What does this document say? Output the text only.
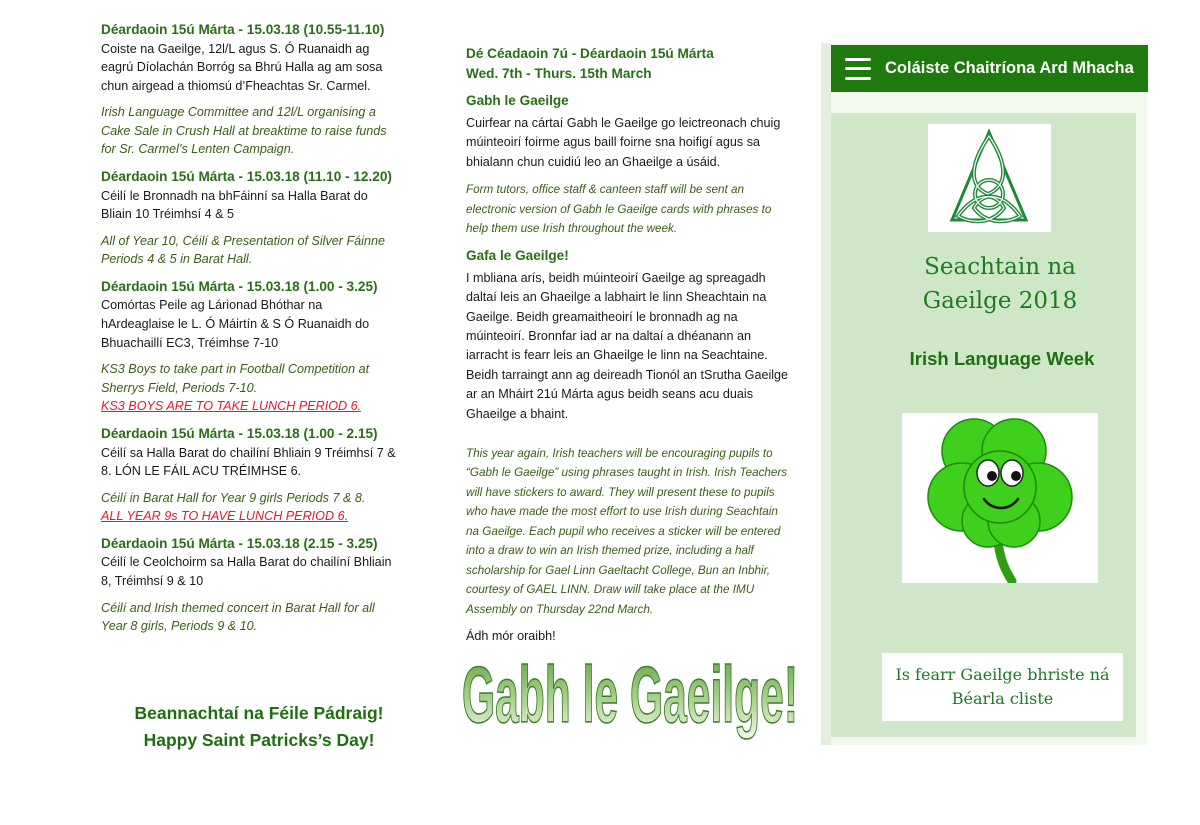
Déardaoin 15ú Márta - 15.03.18 (10.55-11.10)

Coiste na Gaeilge, 12l/L agus S. Ó Ruanaidh ag eagrú Díolachán Borróg sa Bhrú Halla ag am sosa chun airgead a thiomsú d’Fheachtas Sr. Carmel.

Irish Language Committee and 12l/L organising a Cake Sale in Crush Hall at breaktime to raise funds for Sr. Carmel’s Lenten Campaign.

Déardaoin 15ú Márta - 15.03.18 (11.10 - 12.20)

Céilí le Bronnadh na bhFáinní sa Halla Barat do Bliain 10 Tréimhsí 4 & 5

All of Year 10, Céilí & Presentation of Silver Fáinne Periods 4 & 5 in Barat Hall.

Déardaoin 15ú Márta - 15.03.18 (1.00 - 3.25)

Comórtas Peile ag Lárionad Bhóthar na hArdeaglaise le L. Ó Máirtín & S Ó Ruanaidh do Bhuachaillí EC3, Tréimhse 7-10

KS3 Boys to take part in Football Competition at Sherrys Field, Periods 7-10.

KS3 BOYS ARE TO TAKE LUNCH PERIOD 6.

Déardaoin 15ú Márta - 15.03.18 (1.00 - 2.15)

Céilí sa Halla Barat do chailíní Bhliain 9 Tréimhsí 7 & 8. LÓN LE FÁIL ACU TRÉIMHSE 6.

Céilí in Barat Hall for Year 9 girls Periods 7 & 8.

ALL YEAR 9s TO HAVE LUNCH PERIOD 6.

Déardaoin 15ú Márta - 15.03.18 (2.15 - 3.25)

Céilí le Ceolchoirm sa Halla Barat do chailíní Bhliain 8, Tréimhsí 9 & 10

Céilí and Irish themed concert in Barat Hall for all Year 8 girls, Periods 9 & 10.

Beannachtaí na Féile Pádraig!
Happy Saint Patricks’s Day!

Dé Céadaoin 7ú - Déardaoin 15ú Márta

Wed. 7th - Thurs. 15th March

Gabh le Gaeilge

Cuirfear na cártaí Gabh le Gaeilge go leictreonach chuig múinteoirí foirme agus baill foirne sna hoifigí agus sa bhialann chun cuidiú leo an Ghaeilge a úsáid.

Form tutors, office staff & canteen staff will be sent an electronic version of Gabh le Gaeilge cards with phrases to help them use Irish throughout the week.

Gafa le Gaeilge!

I mbliana arís, beidh múinteoirí Gaeilge ag spreagadh daltaí leis an Ghaeilge a labhairt le linn Sheachtain na Gaeilge. Beidh greamaitheoirí le bronnadh ag na

múinteoirí. Bronnfar iad ar na daltaí a dhéanann an iarracht is fearr leis an Ghaeilge le linn na Seachtaine. Beidh tarraingt ann ag deireadh Tionól an tSrutha Gaeilge ar an Mháirt 21ú Márta agus beidh seans acu duais Ghaeilge a bhaint.

This year again, Irish teachers will be encouraging pupils to “Gabh le Gaeilge” using phrases taught in Irish. Irish Teachers will have stickers to award. They will present these to pupils who have made the most effort to use Irish during Seachtain na Gaeilge. Each pupil who receives a sticker will be entered into a draw to win an Irish themed prize, including a half scholarship for Gael Linn Gaeltacht College, Bun an Inbhir, courtesy of GAEL LINN. Draw will take place at the IMU Assembly on Thursday 22nd March.

Ádh mór oraibh!

Gabh le Gaeilge!
Coláiste Chaitríona Ard Mhacha
Seachtain na
Gaeilge 2018
Irish Language Week
Is fearr Gaeilge bhriste ná
Béarla cliste
